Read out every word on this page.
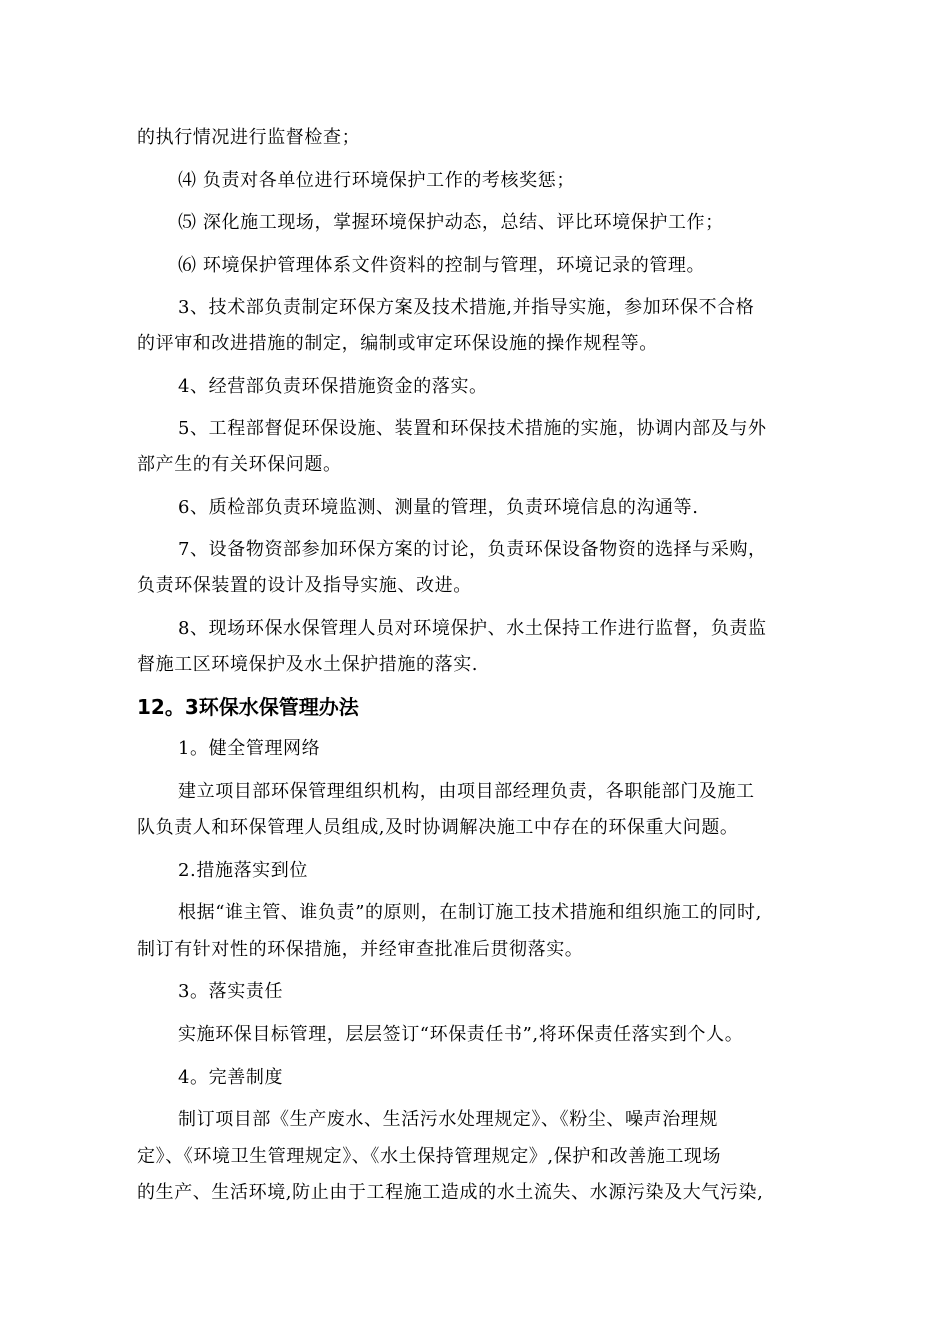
的执行情况进行监督检查；
⑷ 负责对各单位进行环境保护工作的考核奖惩；
⑸ 深化施工现场，掌握环境保护动态，总结、评比环境保护工作；
⑹ 环境保护管理体系文件资料的控制与管理，环境记录的管理。
3、技术部负责制定环保方案及技术措施,并指导实施，参加环保不合格
的评审和改进措施的制定，编制或审定环保设施的操作规程等。
4、经营部负责环保措施资金的落实。
5、工程部督促环保设施、装置和环保技术措施的实施，协调内部及与外
部产生的有关环保问题。
6、质检部负责环境监测、测量的管理，负责环境信息的沟通等.
7、设备物资部参加环保方案的讨论，负责环保设备物资的选择与采购，
负责环保装置的设计及指导实施、改进。
8、现场环保水保管理人员对环境保护、水土保持工作进行监督，负责监
督施工区环境保护及水土保护措施的落实.
12。3环保水保管理办法
1。健全管理网络
建立项目部环保管理组织机构，由项目部经理负责，各职能部门及施工
队负责人和环保管理人员组成,及时协调解决施工中存在的环保重大问题。
2.措施落实到位
根据“谁主管、谁负责”的原则，在制订施工技术措施和组织施工的同时,
制订有针对性的环保措施，并经审查批准后贯彻落实。
3。落实责任
实施环保目标管理，层层签订“环保责任书”,将环保责任落实到个人。
4。完善制度
制订项目部《生产废水、生活污水处理规定》、《粉尘、噪声治理规
定》、《环境卫生管理规定》、《水土保持管理规定》,保护和改善施工现场
的生产、生活环境,防止由于工程施工造成的水土流失、水源污染及大气污染,
